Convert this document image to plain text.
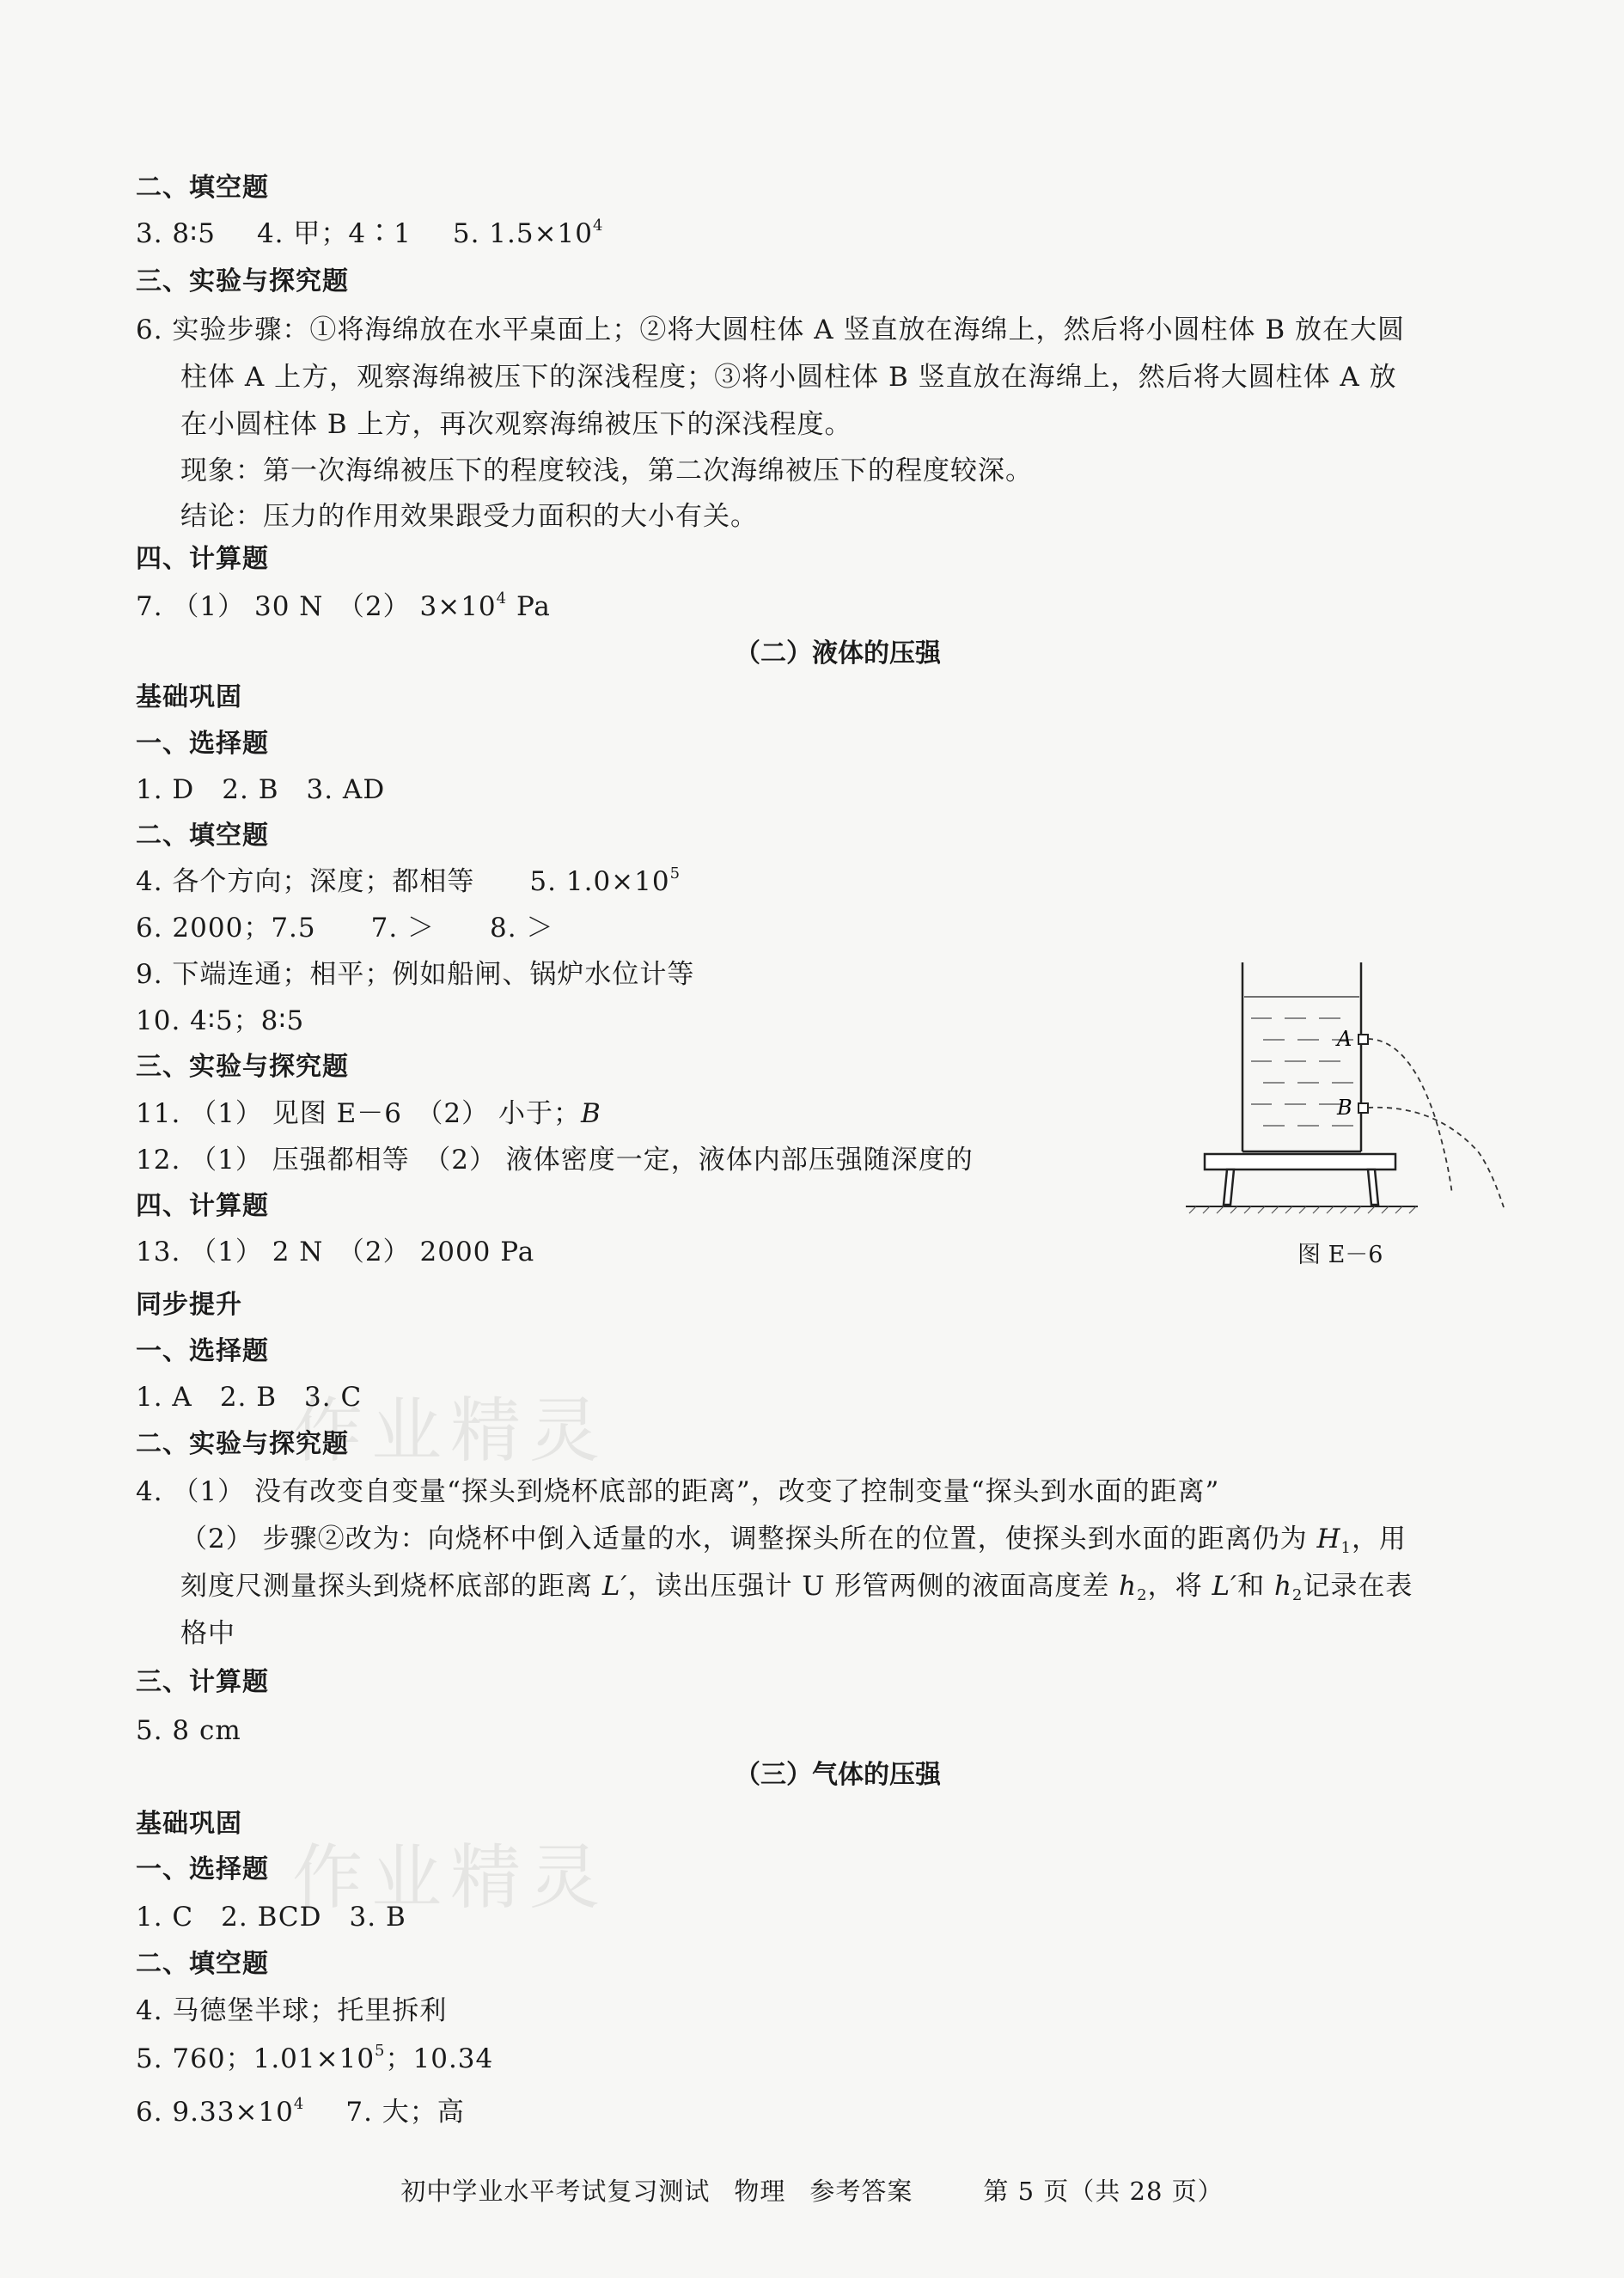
作业精灵
作业精灵
二、填空题
3. 8∶5 4. 甲；4∶1 5. $1.5\times 10^4$
三、实验与探究题
6. 实验步骤：①将海绵放在水平桌面上；②将大圆柱体 A 竖直放在海绵上，然后将小圆柱体 B 放在大圆
柱体 A 上方，观察海绵被压下的深浅程度；③将小圆柱体 B 竖直放在海绵上，然后将大圆柱体 A 放
在小圆柱体 B 上方，再次观察海绵被压下的深浅程度。
现象：第一次海绵被压下的程度较浅，第二次海绵被压下的程度较深。
结论：压力的作用效果跟受力面积的大小有关。
四、计算题
7. （1） 30 N　（2） $3\times 10^4$ Pa
（二）液体的压强
基础巩固
一、选择题
1. D　2. B　3. AD
二、填空题
4. 各个方向；深度；都相等　　5. $1.0\times 10^5$
6. 2000；7.5　　7. ＞　　8. ＞
9. 下端连通；相平；例如船闸、锅炉水位计等
10. 4∶5；8∶5
三、实验与探究题
11. （1） 见图 E－6　（2） 小于；B
12. （1） 压强都相等　（2） 液体密度一定，液体内部压强随深度的
四、计算题
13. （1） 2 N　（2） 2000 Pa
A
B
图 E－6
同步提升
一、选择题
1. A　2. B　3. C
二、实验与探究题
4. （1） 没有改变自变量“探头到烧杯底部的距离”，改变了控制变量“探头到水面的距离”
（2） 步骤②改为：向烧杯中倒入适量的水，调整探头所在的位置，使探头到水面的距离仍为 $H_1$，用
刻度尺测量探头到烧杯底部的距离 L′，读出压强计 U 形管两侧的液面高度差 $h_2$，将 L′和 $h_2$记录在表
格中
三、计算题
5. 8 cm
（三）气体的压强
基础巩固
一、选择题
1. C　2. BCD　3. B
二、填空题
4. 马德堡半球；托里拆利
5. 760；$1.01\times 10^5$；10.34
6. $9.33\times 10^4$ 7. 大；高
初中学业水平考试复习测试 物理 参考答案	第 5 页（共 28 页）
